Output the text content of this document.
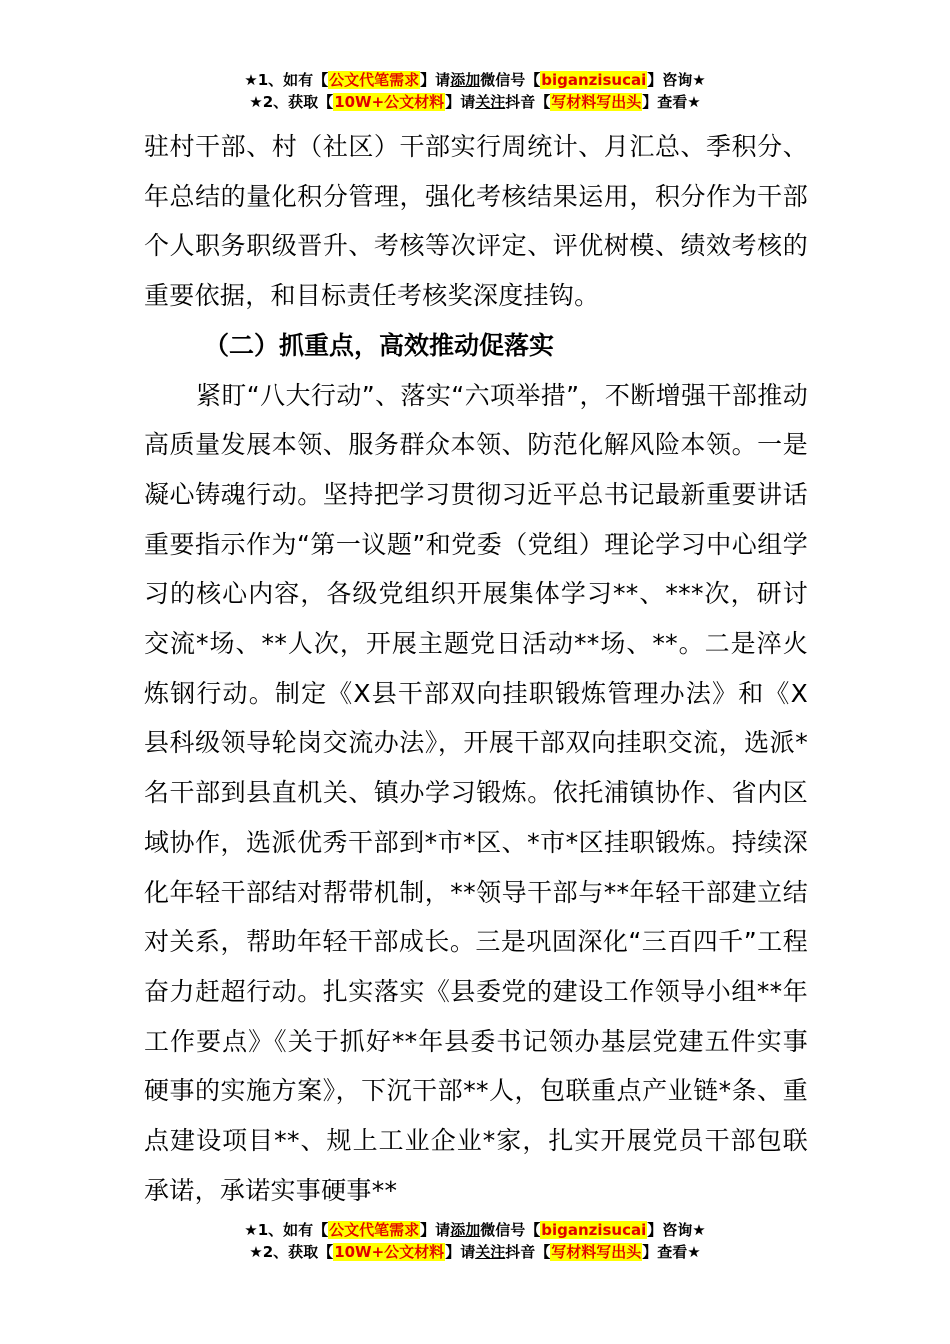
★1、如有【公文代笔需求】请添加微信号【biganzisucai】咨询★
★2、获取【10W+公文材料】请关注抖音【写材料写出头】查看★

驻村干部、村（社区）干部实行周统计、月汇总、季积分、年总结的量化积分管理，强化考核结果运用，积分作为干部个人职务职级晋升、考核等次评定、评优树模、绩效考核的重要依据，和目标责任考核奖深度挂钩。

（二）抓重点，高效推动促落实

紧盯“八大行动”、落实“六项举措”，不断增强干部推动高质量发展本领、服务群众本领、防范化解风险本领。一是凝心铸魂行动。坚持把学习贯彻习近平总书记最新重要讲话重要指示作为“第一议题”和党委（党组）理论学习中心组学习的核心内容，各级党组织开展集体学习**、***次，研讨交流*场、**人次，开展主题党日活动**场、**。二是淬火炼钢行动。制定《X县干部双向挂职锻炼管理办法》和《X县科级领导轮岗交流办法》，开展干部双向挂职交流，选派*名干部到县直机关、镇办学习锻炼。依托浦镇协作、省内区域协作，选派优秀干部到*市*区、*市*区挂职锻炼。持续深化年轻干部结对帮带机制，**领导干部与**年轻干部建立结对关系，帮助年轻干部成长。三是巩固深化“三百四千”工程奋力赶超行动。扎实落实《县委党的建设工作领导小组**年工作要点》《关于抓好**年县委书记领办基层党建五件实事硬事的实施方案》，下沉干部**人，包联重点产业链*条、重点建设项目**、规上工业企业*家，扎实开展党员干部包联承诺，承诺实事硬事**

★1、如有【公文代笔需求】请添加微信号【biganzisucai】咨询★
★2、获取【10W+公文材料】请关注抖音【写材料写出头】查看★
